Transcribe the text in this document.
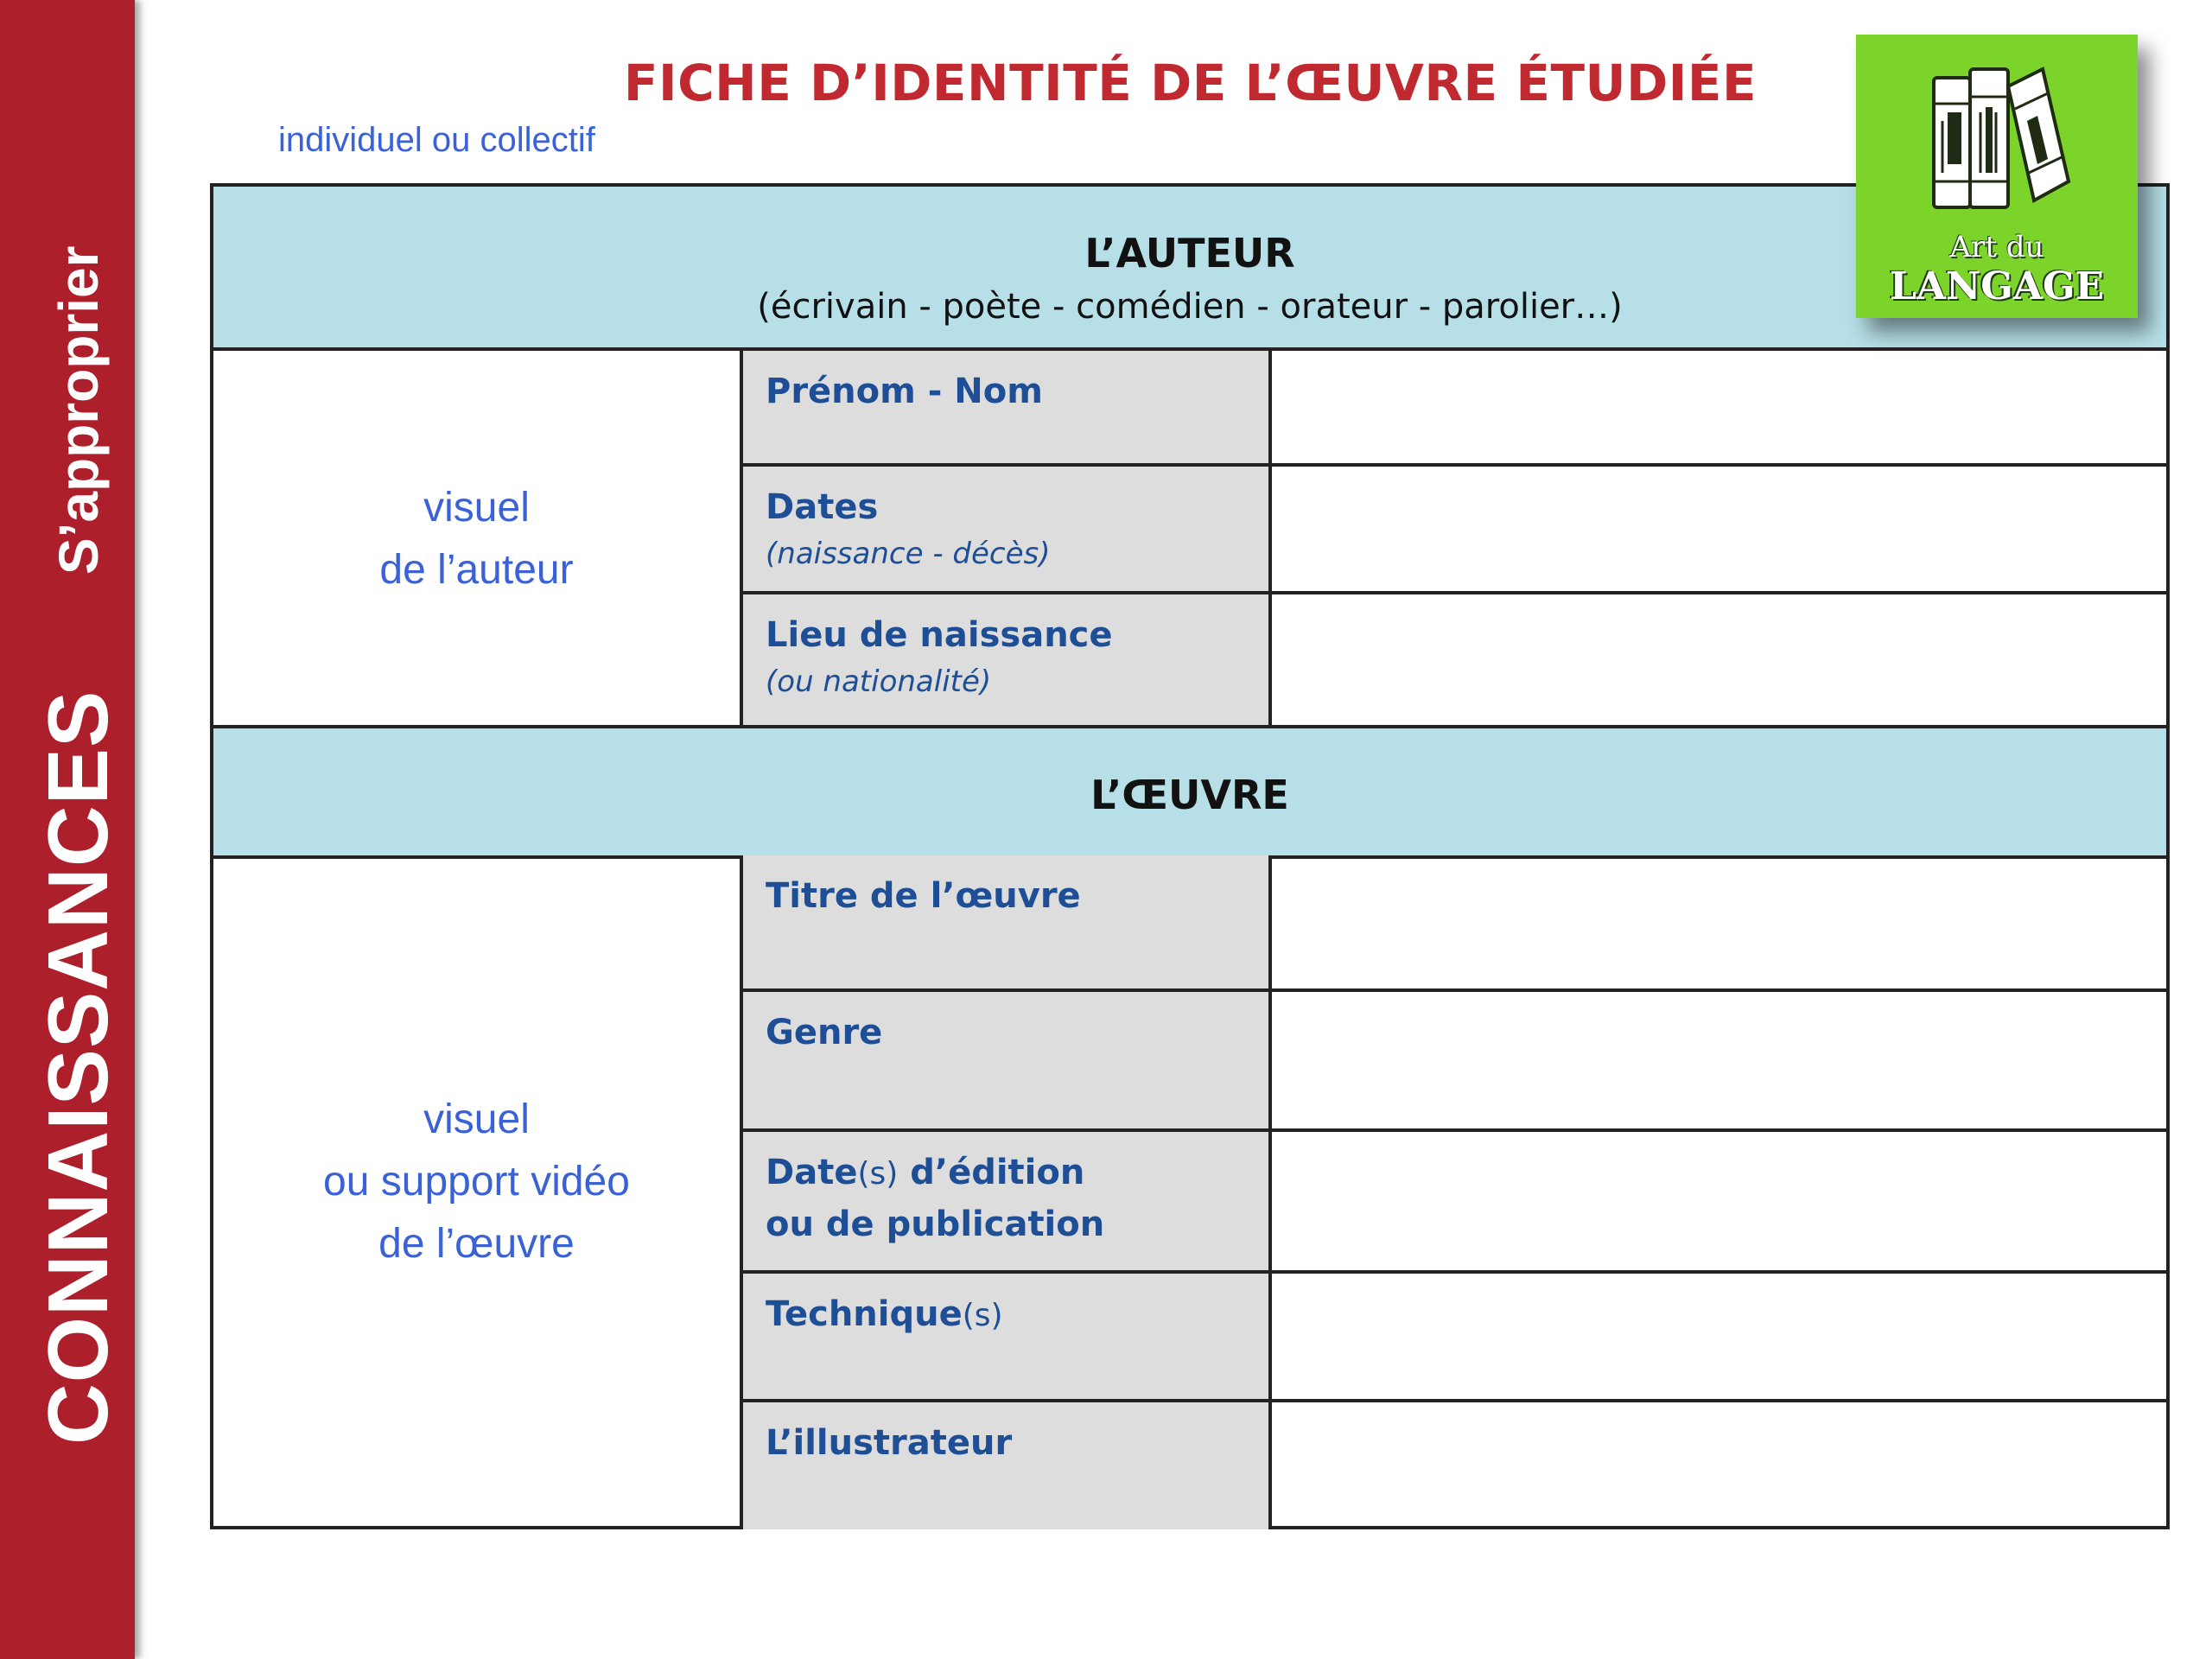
CONNAISSANCES
S’approprier
FICHE D’IDENTITÉ DE L’ŒUVRE ÉTUDIÉE
individuel ou collectif
L’AUTEUR
(écrivain - poète - comédien - orateur - parolier…)
visuel
de l’auteur
Prénom - Nom
Dates
(naissance - décès)
Lieu de naissance
(ou nationalité)
L’ŒUVRE
visuel
ou support vidéo
de l’œuvre
Titre de l’œuvre
Genre
Date(s) d’édition
ou de publication
Technique(s)
L’illustrateur
Art du
LANGAGE
